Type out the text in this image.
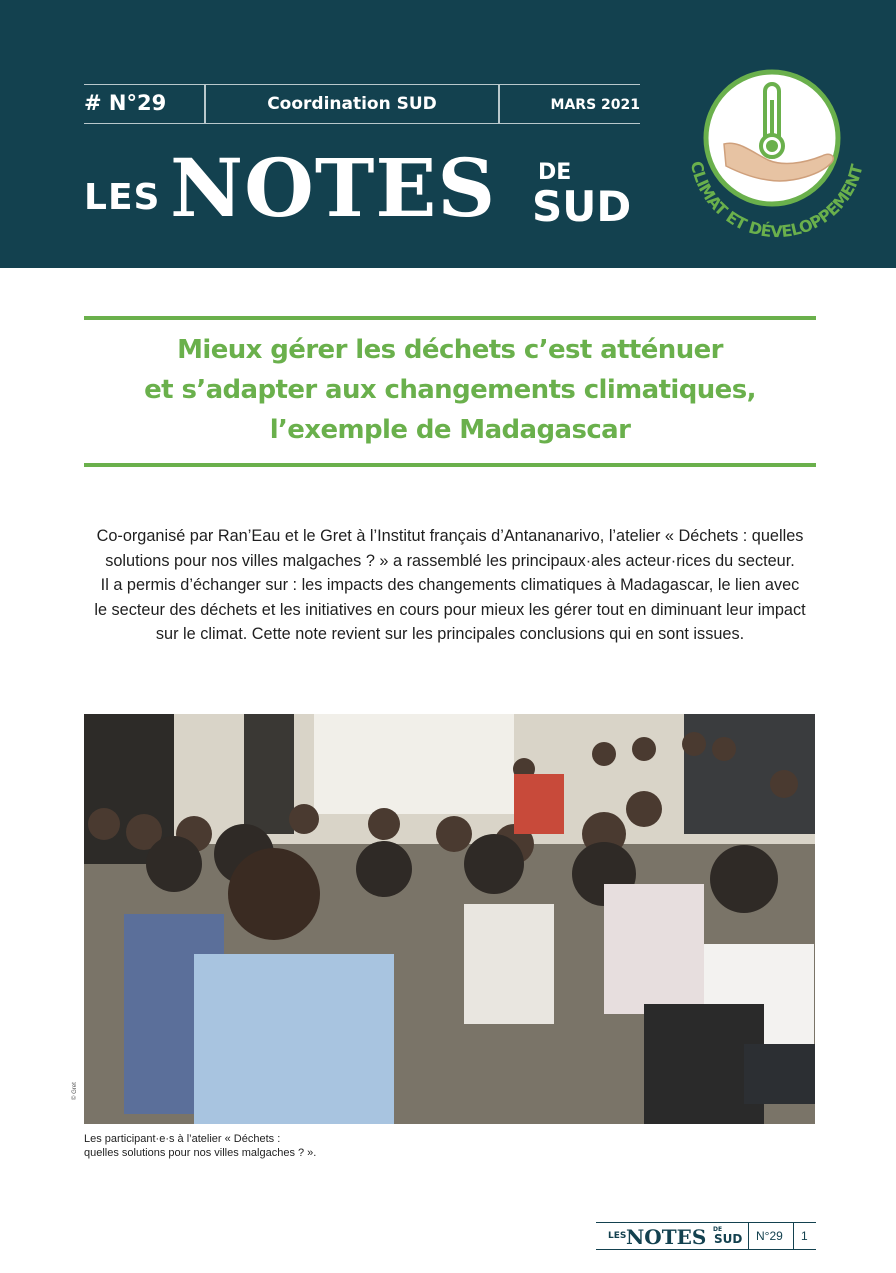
# N°29	Coordination SUD	MARS 2021
LES NOTES DE
SUD
CLIMAT ET DÉVELOPPEMENT
Mieux gérer les déchets c’est atténuer
et s’adapter aux changements climatiques,
l’exemple de Madagascar
Co-organisé par Ran’Eau et le Gret à l’Institut français d’Antananarivo, l’atelier « Déchets : quelles
solutions pour nos villes malgaches ? » a rassemblé les principaux·ales acteur·rices du secteur.
Il a permis d’échanger sur : les impacts des changements climatiques à Madagascar, le lien avec
le secteur des déchets et les initiatives en cours pour mieux les gérer tout en diminuant leur impact
sur le climat. Cette note revient sur les principales conclusions qui en sont issues.
© Gret
Les participant·e·s à l’atelier « Déchets :
quelles solutions pour nos villes malgaches ? ».
LES NOTES DE
SUD N°29 1
